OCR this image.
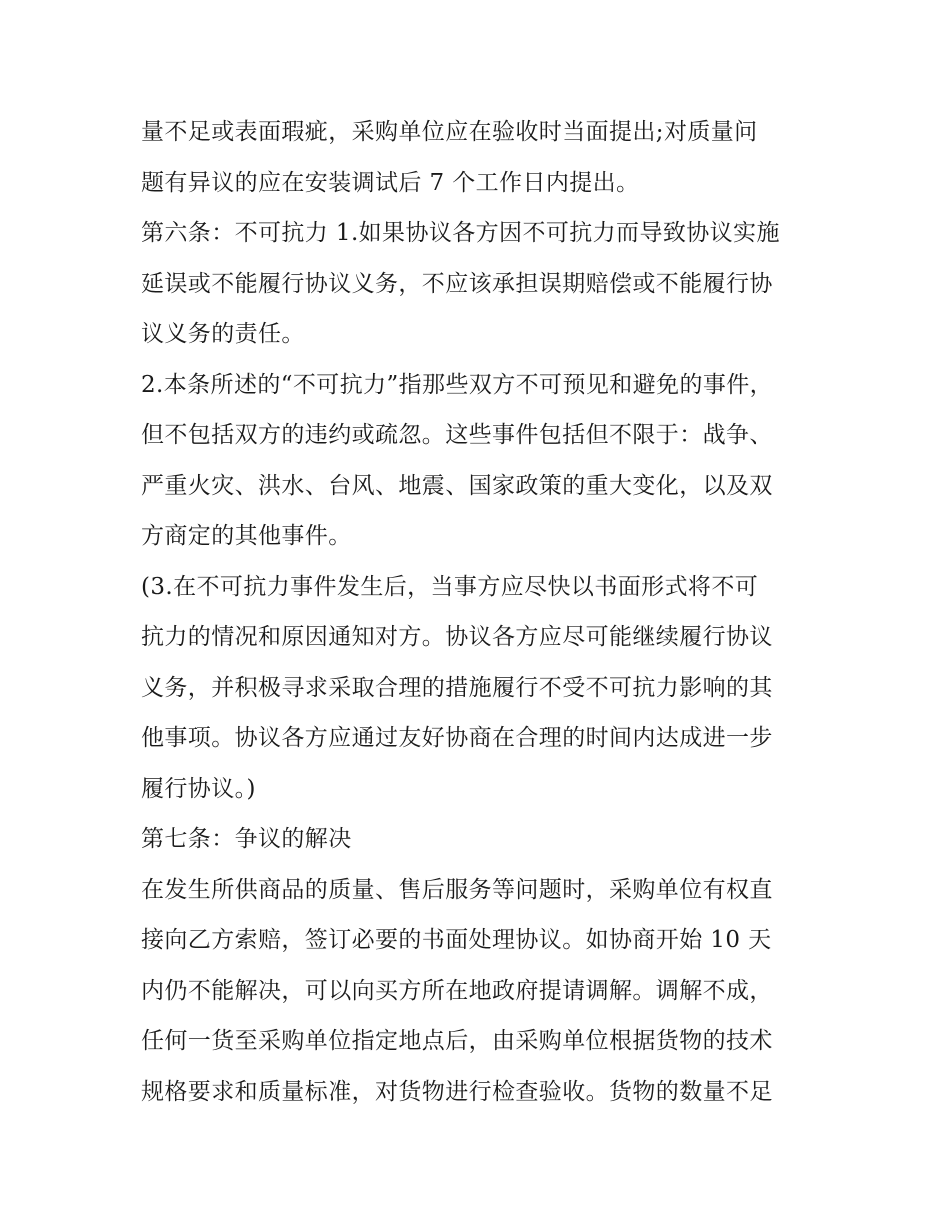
量不足或表面瑕疵，采购单位应在验收时当面提出;对质量问
题有异议的应在安装调试后 7 个工作日内提出。
第六条：不可抗力 1.如果协议各方因不可抗力而导致协议实施
延误或不能履行协议义务，不应该承担误期赔偿或不能履行协
议义务的责任。
2.本条所述的“不可抗力”指那些双方不可预见和避免的事件，
但不包括双方的违约或疏忽。这些事件包括但不限于：战争、
严重火灾、洪水、台风、地震、国家政策的重大变化，以及双
方商定的其他事件。
(3.在不可抗力事件发生后，当事方应尽快以书面形式将不可
抗力的情况和原因通知对方。协议各方应尽可能继续履行协议
义务，并积极寻求采取合理的措施履行不受不可抗力影响的其
他事项。协议各方应通过友好协商在合理的时间内达成进一步
履行协议。)
第七条：争议的解决
在发生所供商品的质量、售后服务等问题时，采购单位有权直
接向乙方索赔，签订必要的书面处理协议。如协商开始 10 天
内仍不能解决，可以向买方所在地政府提请调解。调解不成，
任何一货至采购单位指定地点后，由采购单位根据货物的技术
规格要求和质量标准，对货物进行检查验收。货物的数量不足
